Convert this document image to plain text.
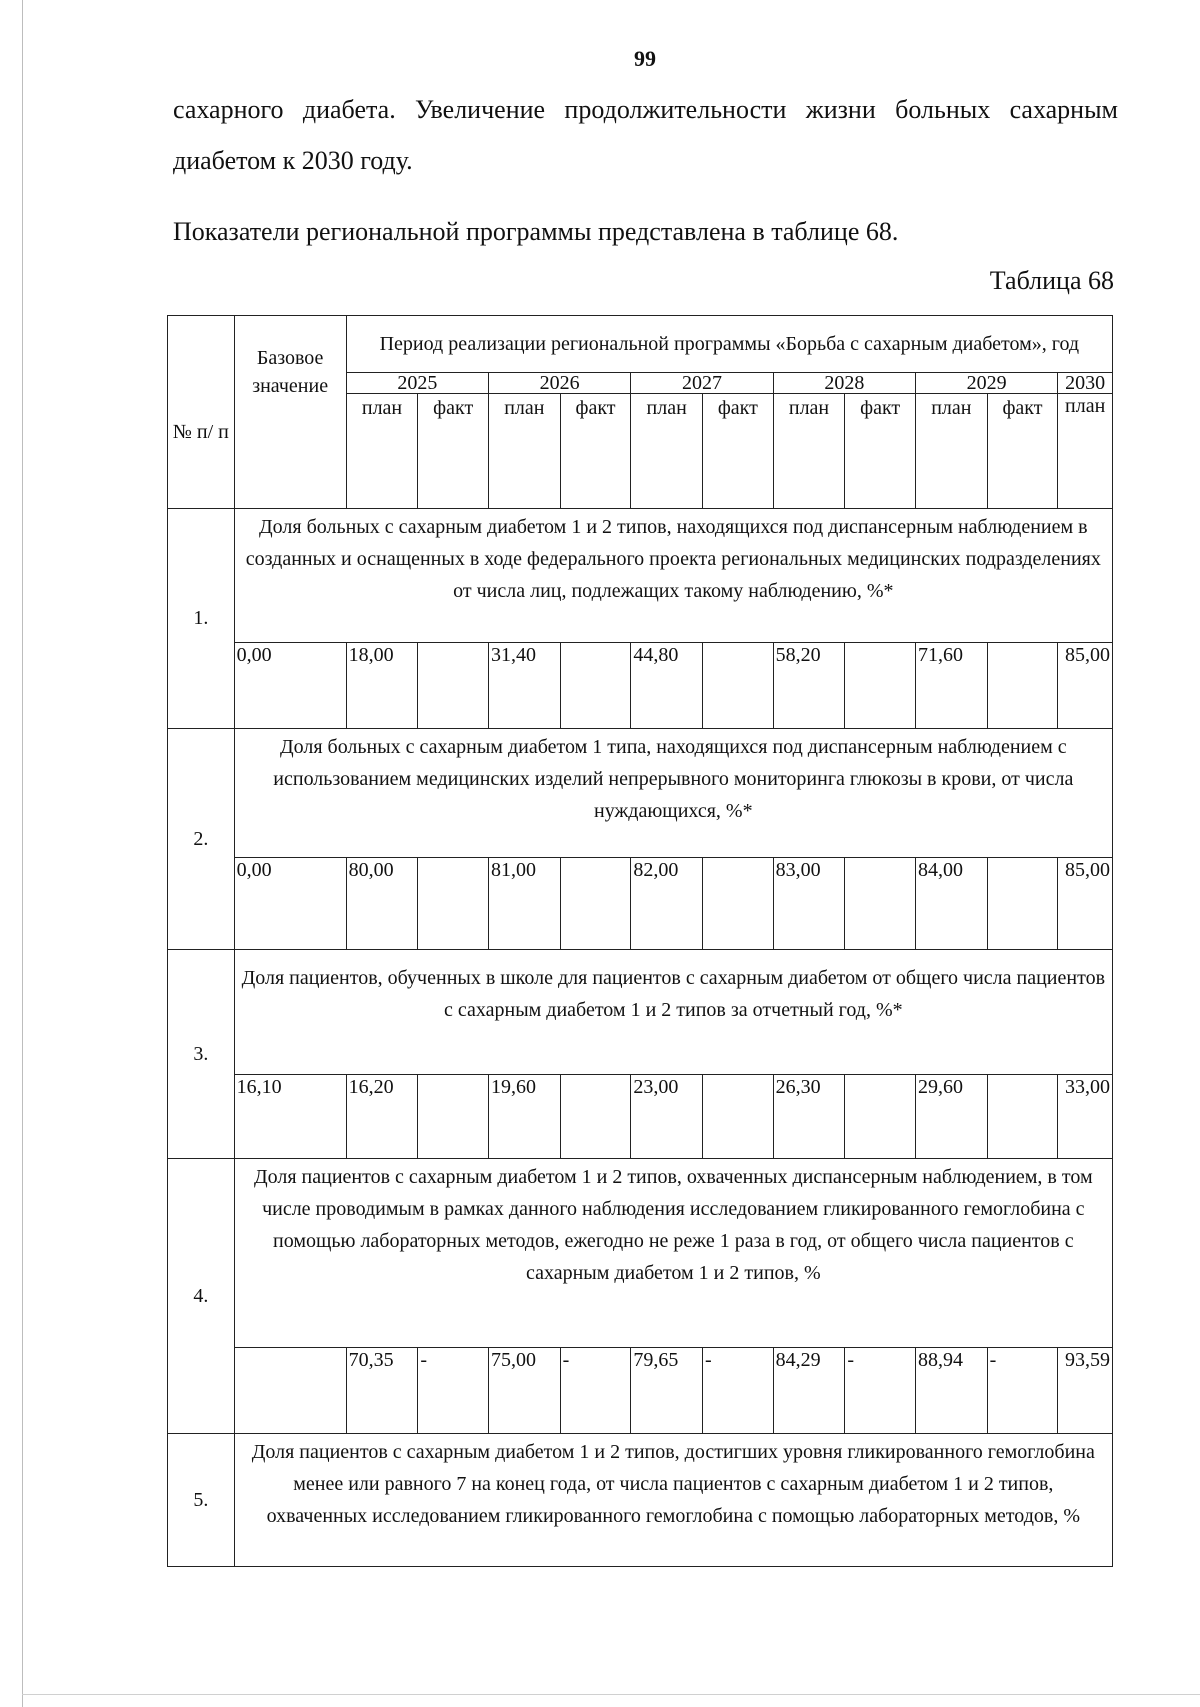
99

сахарного диабета. Увеличение продолжительности жизни больных сахарным диабетом к 2030 году.

Показатели региональной программы представлена в таблице 68.

Таблица 68
№ п/ п	Базовое значение	Период реализации региональной программы «Борьба с сахарным диабетом», год										
		2025		2026		2027		2028		2029		2030
		план	факт	план	факт	план	факт	план	факт	план	факт	план
1.	Доля больных с сахарным диабетом 1 и 2 типов, находящихся под диспансерным наблюдением в созданных и оснащенных в ходе федерального проекта региональных медицинских подразделениях от числа лиц, подлежащих такому наблюдению, %*											
	0,00	18,00		31,40		44,80		58,20		71,60		85,00
2.	Доля больных с сахарным диабетом 1 типа, находящихся под диспансерным наблюдением с использованием медицинских изделий непрерывного мониторинга глюкозы в крови, от числа нуждающихся, %*											
	0,00	80,00		81,00		82,00		83,00		84,00		85,00
3.	Доля пациентов, обученных в школе для пациентов с сахарным диабетом от общего числа пациентов с сахарным диабетом 1 и 2 типов за отчетный год, %*											
	16,10	16,20		19,60		23,00		26,30		29,60		33,00
4.	Доля пациентов с сахарным диабетом 1 и 2 типов, охваченных диспансерным наблюдением, в том числе проводимым в рамках данного наблюдения исследованием гликированного гемоглобина с помощью лабораторных методов, ежегодно не реже 1 раза в год, от общего числа пациентов с сахарным диабетом 1 и 2 типов, %											
		70,35	-	75,00	-	79,65	-	84,29	-	88,94	-	93,59
5.	Доля пациентов с сахарным диабетом 1 и 2 типов, достигших уровня гликированного гемоглобина менее или равного 7 на конец года, от числа пациентов с сахарным диабетом 1 и 2 типов, охваченных исследованием гликированного гемоглобина с помощью лабораторных методов, %											
